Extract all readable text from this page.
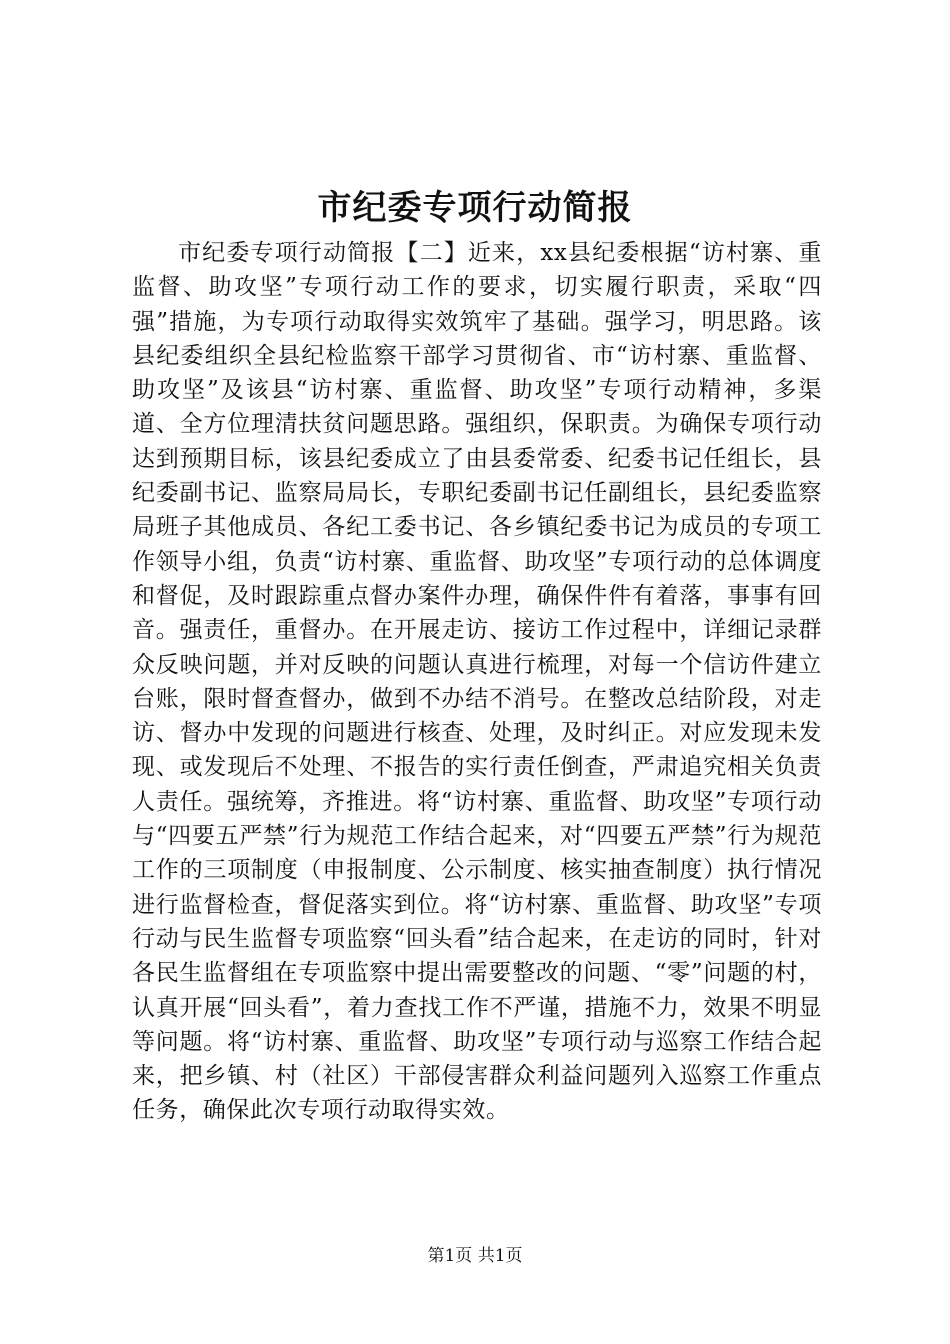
市纪委专项行动简报

市纪委专项行动简报【二】近来，xx县纪委根据“访村寨、重监督、助攻坚”专项行动工作的要求，切实履行职责，采取“四强”措施，为专项行动取得实效筑牢了基础。强学习，明思路。该县纪委组织全县纪检监察干部学习贯彻省、市“访村寨、重监督、助攻坚”及该县“访村寨、重监督、助攻坚”专项行动精神，多渠道、全方位理清扶贫问题思路。强组织，保职责。为确保专项行动达到预期目标，该县纪委成立了由县委常委、纪委书记任组长，县纪委副书记、监察局局长，专职纪委副书记任副组长，县纪委监察局班子其他成员、各纪工委书记、各乡镇纪委书记为成员的专项工作领导小组，负责“访村寨、重监督、助攻坚”专项行动的总体调度和督促，及时跟踪重点督办案件办理，确保件件有着落，事事有回音。强责任，重督办。在开展走访、接访工作过程中，详细记录群众反映问题，并对反映的问题认真进行梳理，对每一个信访件建立台账，限时督查督办，做到不办结不消号。在整改总结阶段，对走访、督办中发现的问题进行核查、处理，及时纠正。对应发现未发现、或发现后不处理、不报告的实行责任倒查，严肃追究相关负责人责任。强统筹，齐推进。将“访村寨、重监督、助攻坚”专项行动与“四要五严禁”行为规范工作结合起来，对“四要五严禁”行为规范工作的三项制度（申报制度、公示制度、核实抽查制度）执行情况进行监督检查，督促落实到位。将“访村寨、重监督、助攻坚”专项行动与民生监督专项监察“回头看”结合起来，在走访的同时，针对各民生监督组在专项监察中提出需要整改的问题、“零”问题的村，认真开展“回头看”，着力查找工作不严谨，措施不力，效果不明显等问题。将“访村寨、重监督、助攻坚”专项行动与巡察工作结合起来，把乡镇、村（社区）干部侵害群众利益问题列入巡察工作重点任务，确保此次专项行动取得实效。

第1页 共1页
